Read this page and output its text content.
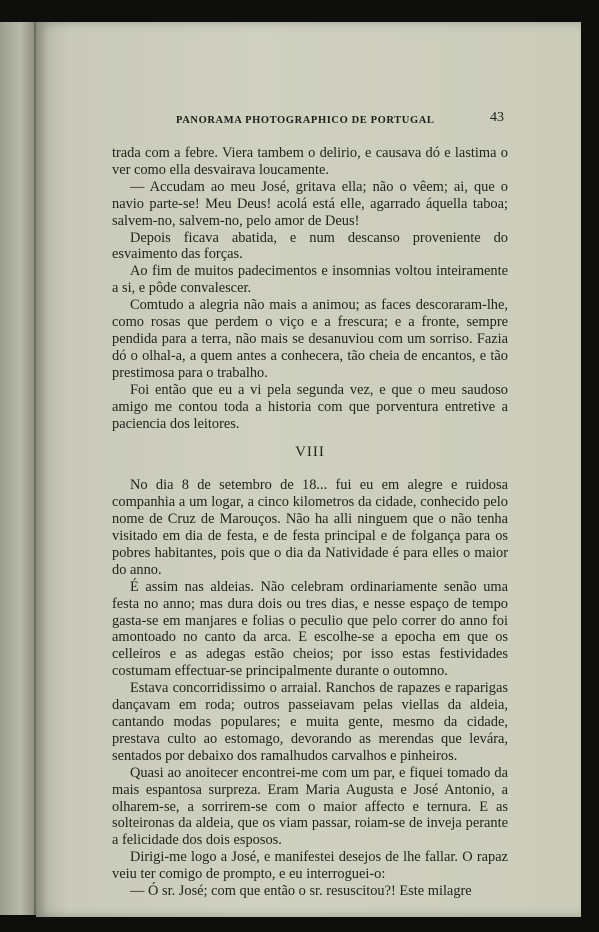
PANORAMA PHOTOGRAPHICO DE PORTUGAL	43

trada com a febre. Viera tambem o delirio, e causava dó e lastima o ver como ella desvairava loucamente.

— Accudam ao meu José, gritava ella; não o vêem; ai, que o navio parte-se! Meu Deus! acolá está elle, agarrado áquella taboa; salvem-no, salvem-no, pelo amor de Deus!

Depois ficava abatida, e num descanso proveniente do esvaimento das forças.

Ao fim de muitos padecimentos e insomnias voltou inteiramente a si, e pôde convalescer.

Comtudo a alegria não mais a animou; as faces descoraram-lhe, como rosas que perdem o viço e a frescura; e a fronte, sempre pendida para a terra, não mais se desanuviou com um sorriso. Fazia dó o olhal-a, a quem antes a conhecera, tão cheia de encantos, e tão prestimosa para o trabalho.

Foi então que eu a vi pela segunda vez, e que o meu saudoso amigo me contou toda a historia com que porventura entretive a paciencia dos leitores.

VIII

No dia 8 de setembro de 18... fui eu em alegre e ruidosa companhia a um logar, a cinco kilometros da cidade, conhecido pelo nome de Cruz de Marouços. Não ha alli ninguem que o não tenha visitado em dia de festa, e de festa principal e de folgança para os pobres habitantes, pois que o dia da Natividade é para elles o maior do anno.

É assim nas aldeias. Não celebram ordinariamente senão uma festa no anno; mas dura dois ou tres dias, e nesse espaço de tempo gasta-se em manjares e folias o peculio que pelo correr do anno foi amontoado no canto da arca. E escolhe-se a epocha em que os celleiros e as adegas estão cheios; por isso estas festividades costumam effectuar-se principalmente durante o outomno.

Estava concorridissimo o arraial. Ranchos de rapazes e raparigas dançavam em roda; outros passeiavam pelas viellas da aldeia, cantando modas populares; e muita gente, mesmo da cidade, prestava culto ao estomago, devorando as merendas que levára, sentados por debaixo dos ramalhudos carvalhos e pinheiros.

Quasi ao anoitecer encontrei-me com um par, e fiquei tomado da mais espantosa surpreza. Eram Maria Augusta e José Antonio, a olharem-se, a sorrirem-se com o maior affecto e ternura. E as solteironas da aldeia, que os viam passar, roiam-se de inveja perante a felicidade dos dois esposos.

Dirigi-me logo a José, e manifestei desejos de lhe fallar. O rapaz veiu ter comigo de prompto, e eu interroguei-o:

— Ó sr. José; com que então o sr. resuscitou?! Este milagre
